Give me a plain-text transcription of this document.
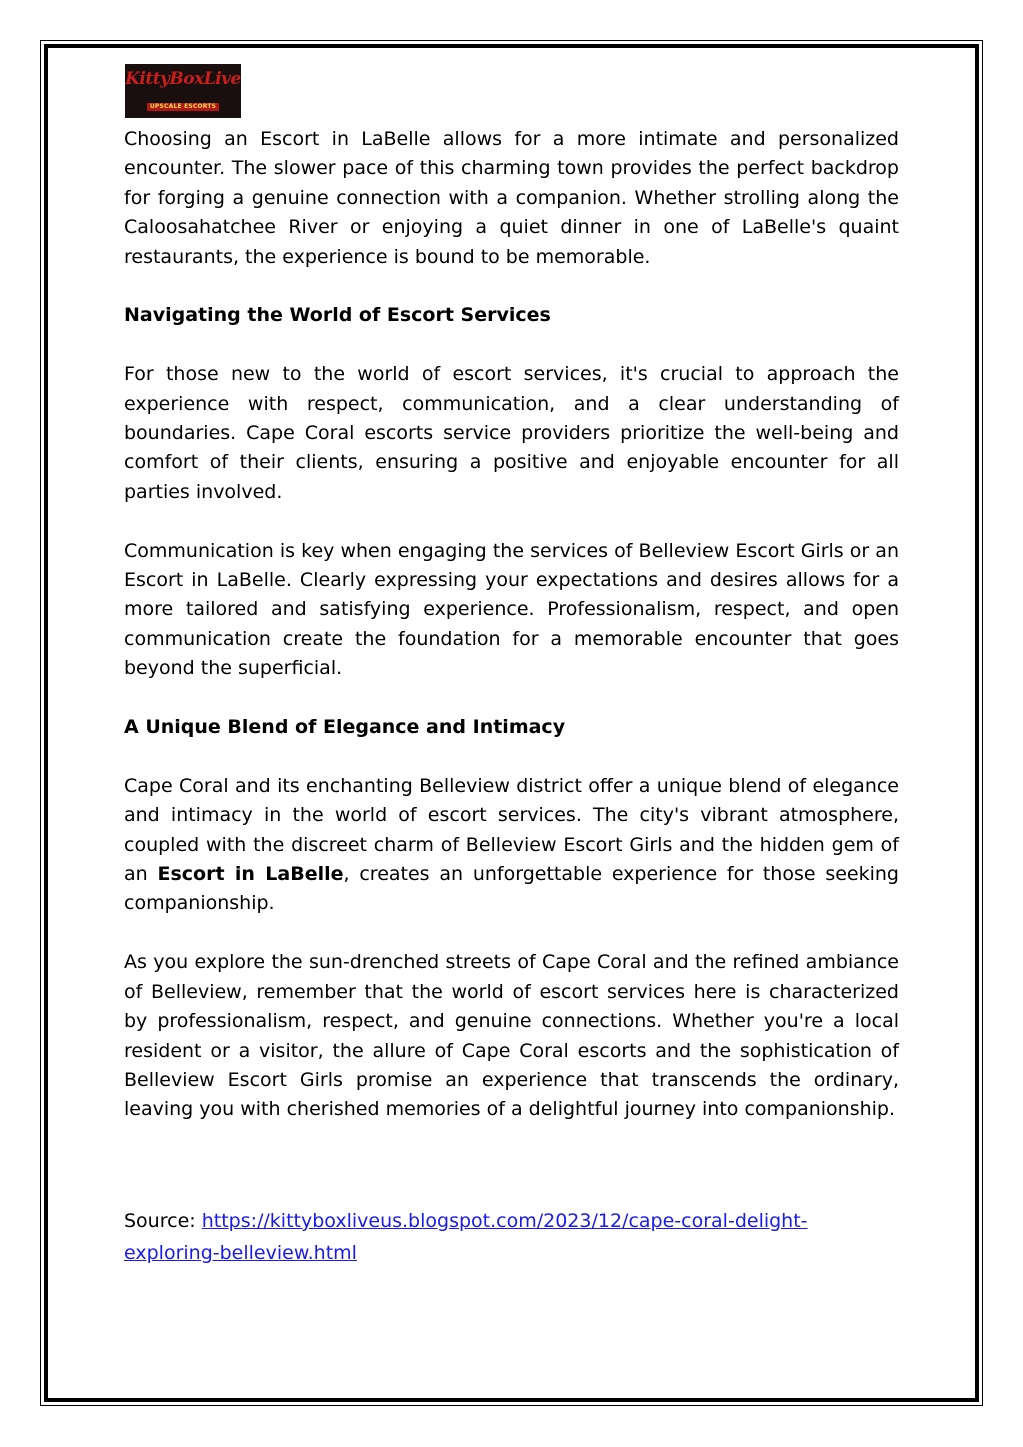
KittyBoxLive
UPSCALE ESCORTS

Choosing an Escort in LaBelle allows for a more intimate and personalized encounter. The slower pace of this charming town provides the perfect backdrop for forging a genuine connection with a companion. Whether strolling along the Caloosahatchee River or enjoying a quiet dinner in one of LaBelle's quaint restaurants, the experience is bound to be memorable.

Navigating the World of Escort Services

For those new to the world of escort services, it's crucial to approach the experience with respect, communication, and a clear understanding of boundaries. Cape Coral escorts service providers prioritize the well-being and comfort of their clients, ensuring a positive and enjoyable encounter for all parties involved.

Communication is key when engaging the services of Belleview Escort Girls or an Escort in LaBelle. Clearly expressing your expectations and desires allows for a more tailored and satisfying experience. Professionalism, respect, and open communication create the foundation for a memorable encounter that goes beyond the superficial.

A Unique Blend of Elegance and Intimacy

Cape Coral and its enchanting Belleview district offer a unique blend of elegance and intimacy in the world of escort services. The city's vibrant atmosphere, coupled with the discreet charm of Belleview Escort Girls and the hidden gem of an Escort in LaBelle, creates an unforgettable experience for those seeking companionship.

As you explore the sun-drenched streets of Cape Coral and the refined ambiance of Belleview, remember that the world of escort services here is characterized by professionalism, respect, and genuine connections. Whether you're a local resident or a visitor, the allure of Cape Coral escorts and the sophistication of Belleview Escort Girls promise an experience that transcends the ordinary, leaving you with cherished memories of a delightful journey into companionship.

Source: https://kittyboxliveus.blogspot.com/2023/12/cape-coral-delight-exploring-belleview.html
